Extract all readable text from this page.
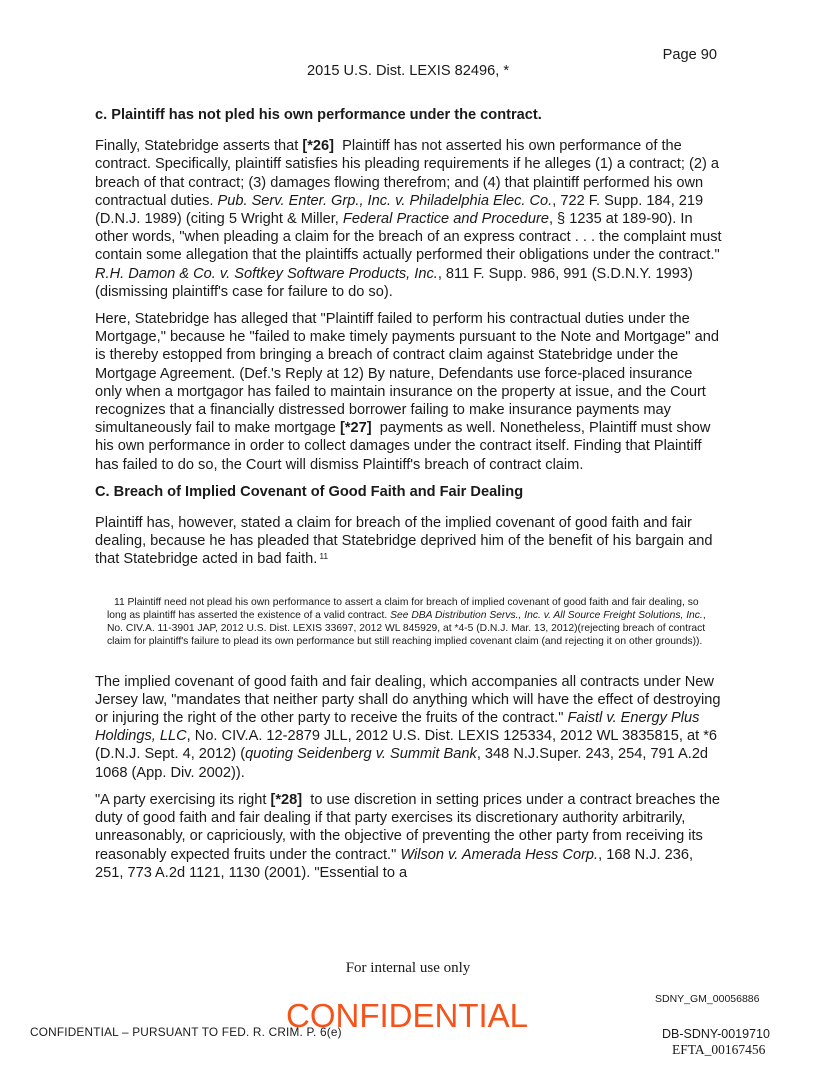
Page 90
2015 U.S. Dist. LEXIS 82496, *
c. Plaintiff has not pled his own performance under the contract.
Finally, Statebridge asserts that [*26]  Plaintiff has not asserted his own performance of the contract. Specifically, plaintiff satisfies his pleading requirements if he alleges (1) a contract; (2) a breach of that contract; (3) damages flowing therefrom; and (4) that plaintiff performed his own contractual duties. Pub. Serv. Enter. Grp., Inc. v. Philadelphia Elec. Co., 722 F. Supp. 184, 219 (D.N.J. 1989) (citing 5 Wright & Miller, Federal Practice and Procedure, § 1235 at 189-90). In other words, "when pleading a claim for the breach of an express contract . . . the complaint must contain some allegation that the plaintiffs actually performed their obligations under the contract." R.H. Damon & Co. v. Softkey Software Products, Inc., 811 F. Supp. 986, 991 (S.D.N.Y. 1993) (dismissing plaintiff's case for failure to do so).
Here, Statebridge has alleged that "Plaintiff failed to perform his contractual duties under the Mortgage," because he "failed to make timely payments pursuant to the Note and Mortgage" and is thereby estopped from bringing a breach of contract claim against Statebridge under the Mortgage Agreement. (Def.'s Reply at 12) By nature, Defendants use force-placed insurance only when a mortgagor has failed to maintain insurance on the property at issue, and the Court recognizes that a financially distressed borrower failing to make insurance payments may simultaneously fail to make mortgage [*27]  payments as well. Nonetheless, Plaintiff must show his own performance in order to collect damages under the contract itself. Finding that Plaintiff has failed to do so, the Court will dismiss Plaintiff's breach of contract claim.
C. Breach of Implied Covenant of Good Faith and Fair Dealing
Plaintiff has, however, stated a claim for breach of the implied covenant of good faith and fair dealing, because he has pleaded that Statebridge deprived him of the benefit of his bargain and that Statebridge acted in bad faith. $^{11}$
11 Plaintiff need not plead his own performance to assert a claim for breach of implied covenant of good faith and fair dealing, so long as plaintiff has asserted the existence of a valid contract. See DBA Distribution Servs., Inc. v. All Source Freight Solutions, Inc., No. CIV.A. 11-3901 JAP, 2012 U.S. Dist. LEXIS 33697, 2012 WL 845929, at *4-5 (D.N.J. Mar. 13, 2012)(rejecting breach of contract claim for plaintiff's failure to plead its own performance but still reaching implied covenant claim (and rejecting it on other grounds)).
The implied covenant of good faith and fair dealing, which accompanies all contracts under New Jersey law, "mandates that neither party shall do anything which will have the effect of destroying or injuring the right of the other party to receive the fruits of the contract." Faistl v. Energy Plus Holdings, LLC, No. CIV.A. 12-2879 JLL, 2012 U.S. Dist. LEXIS 125334, 2012 WL 3835815, at *6 (D.N.J. Sept. 4, 2012) (quoting Seidenberg v. Summit Bank, 348 N.J.Super. 243, 254, 791 A.2d 1068 (App. Div. 2002)).
"A party exercising its right [*28]  to use discretion in setting prices under a contract breaches the duty of good faith and fair dealing if that party exercises its discretionary authority arbitrarily, unreasonably, or capriciously, with the objective of preventing the other party from receiving its reasonably expected fruits under the contract." Wilson v. Amerada Hess Corp., 168 N.J. 236, 251, 773 A.2d 1121, 1130 (2001). "Essential to a
For internal use only
SDNY_GM_00056886
CONFIDENTIAL
CONFIDENTIAL – PURSUANT TO FED. R. CRIM. P. 6(e)	DB-SDNY-0019710
EFTA_00167456
